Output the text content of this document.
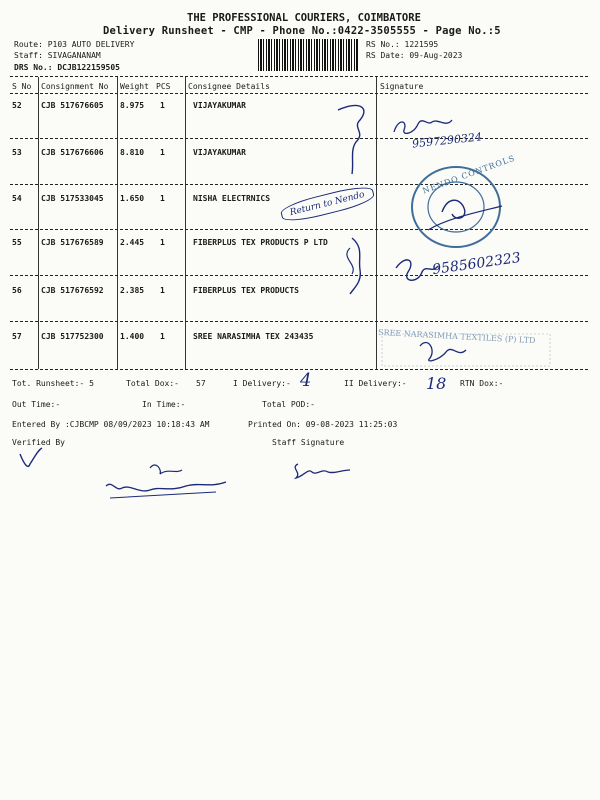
THE PROFESSIONAL COURIERS, COIMBATORE
Delivery Runsheet - CMP - Phone No.:0422-3505555 - Page No.:5
Route: P103 AUTO DELIVERY
Staff: SIVAGANANAM
DRS No.: DCJB122159505
RS No.: 1221595
RS Date: 09-Aug-2023
S No Consignment No Weight PCS Consignee Details	Signature
52 CJB 517676605 8.975 1	VIJAYAKUMAR
53 CJB 517676606 8.810 1	VIJAYAKUMAR
54 CJB 517533045 1.650 1	NISHA ELECTRNICS
55 CJB 517676589 2.445 1	FIBERPLUS TEX PRODUCTS P LTD
56 CJB 517676592 2.385 1	FIBERPLUS TEX PRODUCTS
57 CJB 517752300 1.400 1	SREE NARASIMHA TEX 243435
9597290324
Return to Nendo
NENDO CONTROLS
9585602323
SREE NARASIMHA TEXTILES (P) LTD
Tot. Runsheet:- 5	Total Dox:- 57	I Delivery:- 4	II Delivery:- 18 RTN Dox:-
Out Time:-	In Time:-	Total POD:-
Entered By :CJBCMP 08/09/2023 10:18:43 AM	Printed On: 09-08-2023 11:25:03
Verified By	Staff Signature
